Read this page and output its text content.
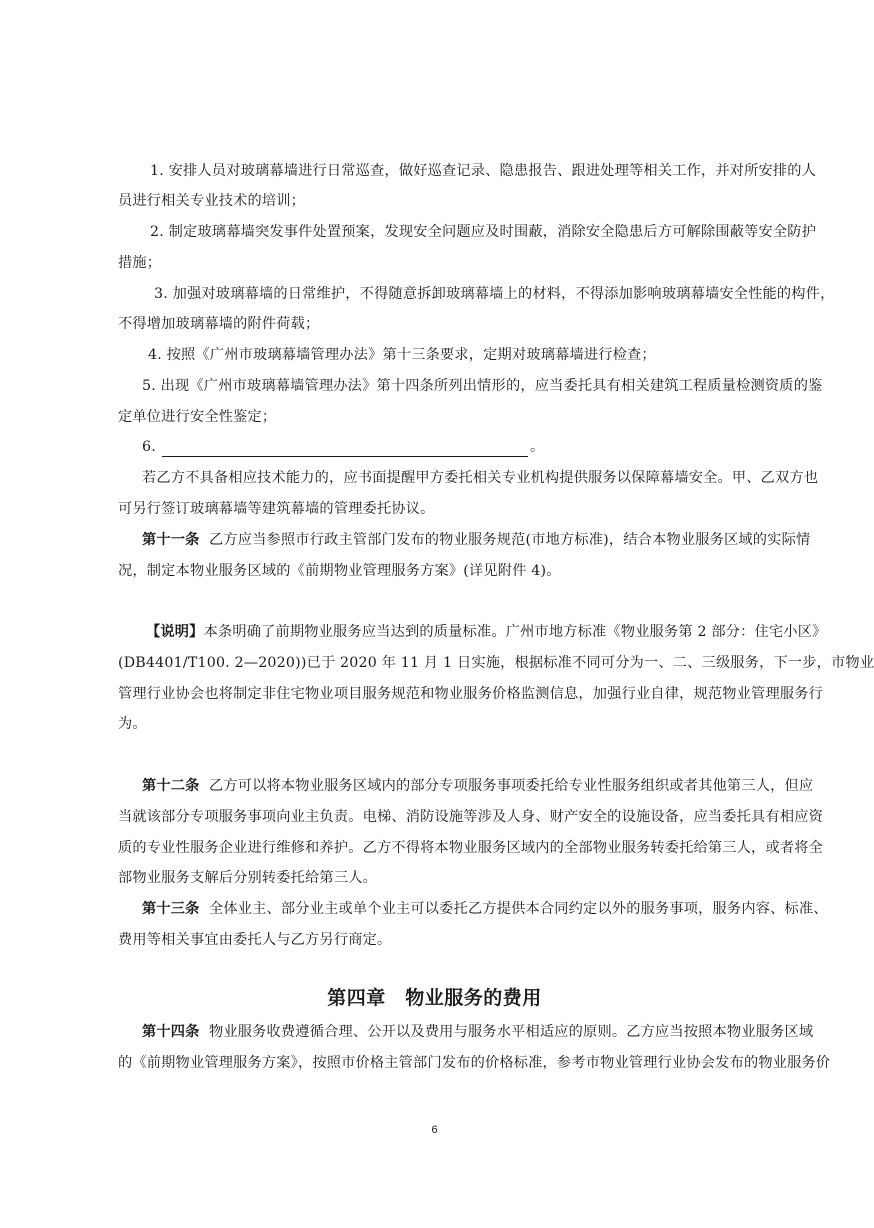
1. 安排人员对玻璃幕墙进行日常巡查，做好巡查记录、隐患报告、跟进处理等相关工作，并对所安排的人
员进行相关专业技术的培训；
2. 制定玻璃幕墙突发事件处置预案，发现安全问题应及时围蔽，消除安全隐患后方可解除围蔽等安全防护
措施；
3. 加强对玻璃幕墙的日常维护，不得随意拆卸玻璃幕墙上的材料，不得添加影响玻璃幕墙安全性能的构件，
不得增加玻璃幕墙的附件荷载；
4. 按照《广州市玻璃幕墙管理办法》第十三条要求，定期对玻璃幕墙进行检查；
5. 出现《广州市玻璃幕墙管理办法》第十四条所列出情形的，应当委托具有相关建筑工程质量检测资质的鉴
定单位进行安全性鉴定；
6.	。
若乙方不具备相应技术能力的，应书面提醒甲方委托相关专业机构提供服务以保障幕墙安全。甲、乙双方也
可另行签订玻璃幕墙等建筑幕墙的管理委托协议。
第十一条 乙方应当参照市行政主管部门发布的物业服务规范(市地方标准)，结合本物业服务区域的实际情
况，制定本物业服务区域的《前期物业管理服务方案》(详见附件 4)。
【说明】本条明确了前期物业服务应当达到的质量标准。广州市地方标准《物业服务第 2 部分：住宅小区》
(DB4401/T100. 2—2020))已于 2020 年 11 月 1 日实施，根据标准不同可分为一、二、三级服务，下一步，市物业
管理行业协会也将制定非住宅物业项目服务规范和物业服务价格监测信息，加强行业自律，规范物业管理服务行
为。
第十二条 乙方可以将本物业服务区域内的部分专项服务事项委托给专业性服务组织或者其他第三人，但应
当就该部分专项服务事项向业主负责。电梯、消防设施等涉及人身、财产安全的设施设备，应当委托具有相应资
质的专业性服务企业进行维修和养护。乙方不得将本物业服务区域内的全部物业服务转委托给第三人，或者将全
部物业服务支解后分别转委托给第三人。
第十三条 全体业主、部分业主或单个业主可以委托乙方提供本合同约定以外的服务事项，服务内容、标准、
费用等相关事宜由委托人与乙方另行商定。
第四章　物业服务的费用
第十四条 物业服务收费遵循合理、公开以及费用与服务水平相适应的原则。乙方应当按照本物业服务区域
的《前期物业管理服务方案》，按照市价格主管部门发布的价格标准，参考市物业管理行业协会发布的物业服务价
6
